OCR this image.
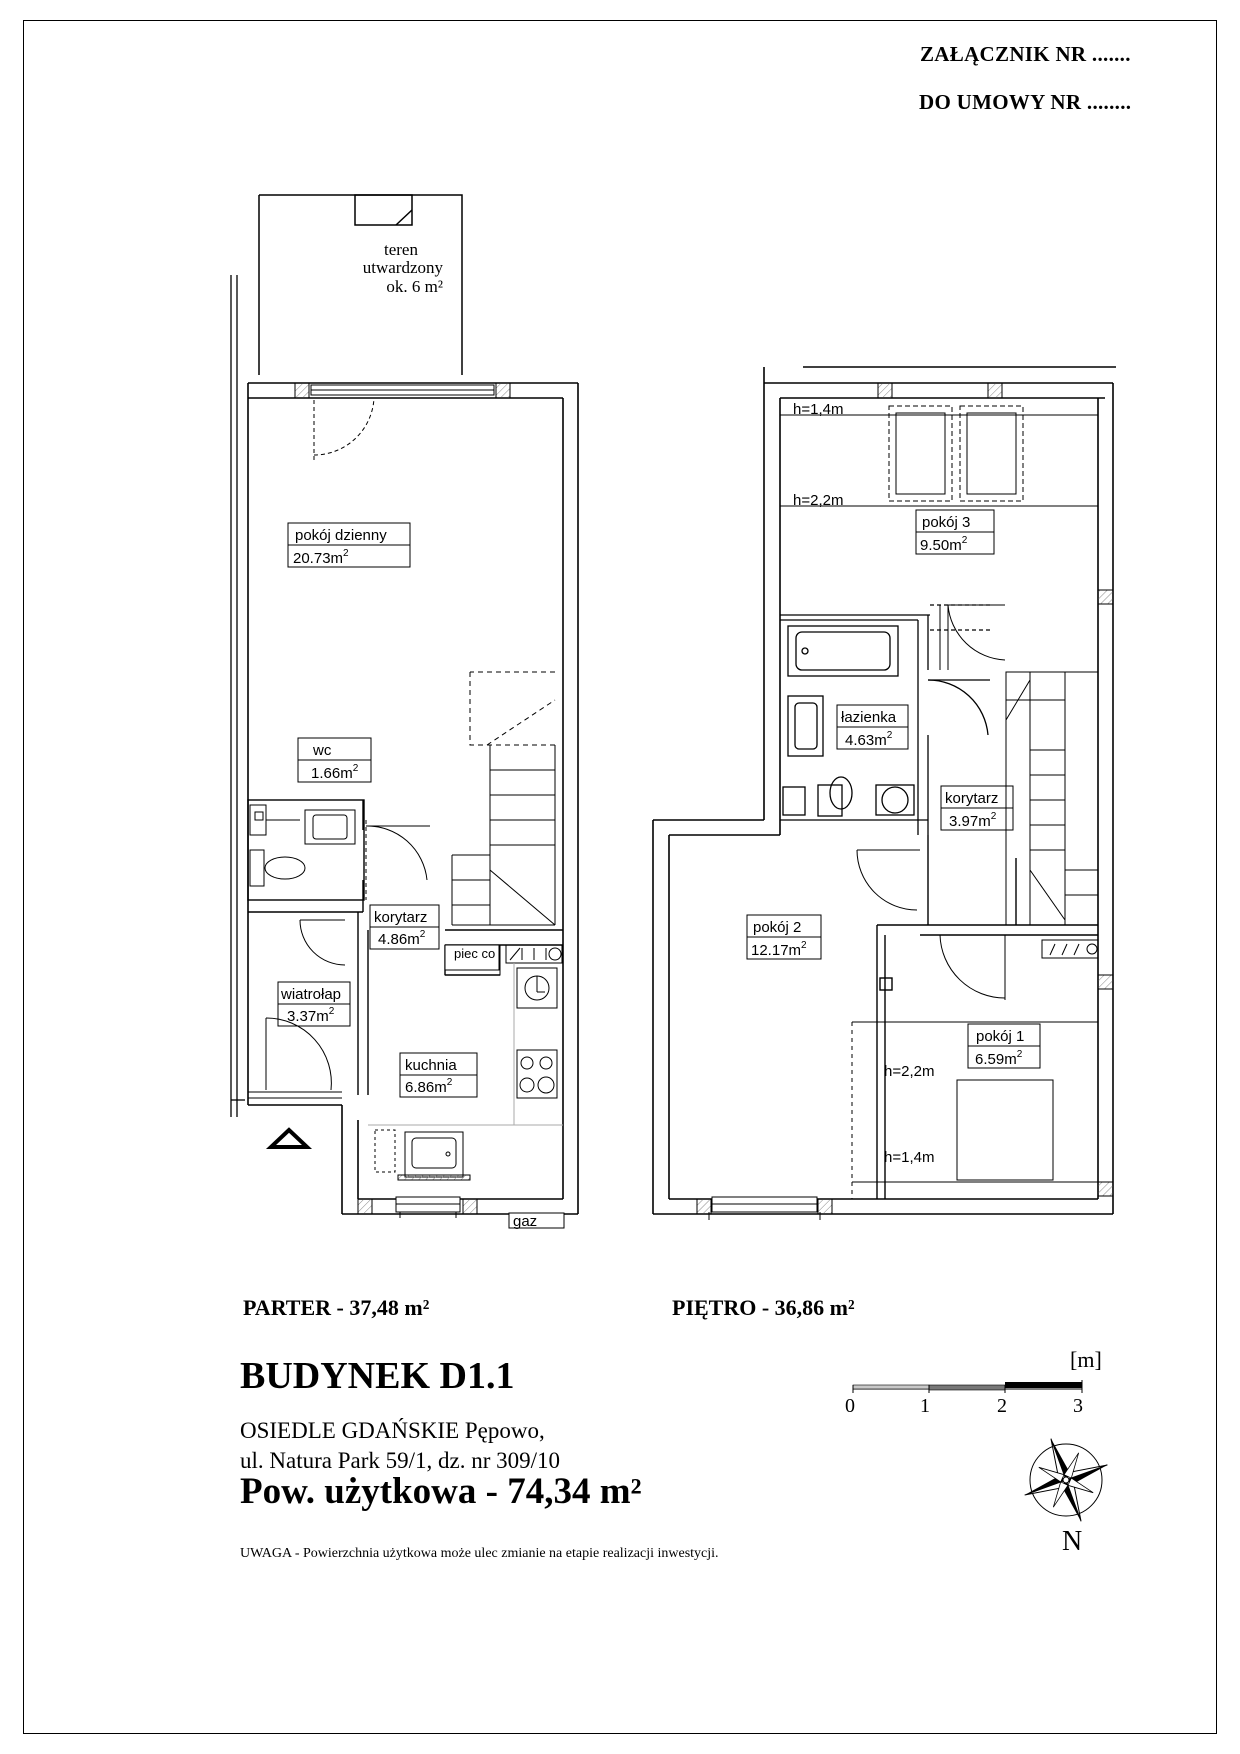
ZAŁĄCZNIK NR .......
DO UMOWY NR ........
pokój dzienny
$20.73m^2$
wc
$1.66m^2$
korytarz
$4.86m^2$
wiatrołap
$3.37m^2$
kuchnia
$6.86m^2$
teren
utwardzony
ok. 6 m²
piec co
gaz
h=1,4m
h=2,2m
h=2,2m
h=1,4m
pokój 3
$9.50m^2$
łazienka
$4.63m^2$
korytarz
$3.97m^2$
pokój 2
$12.17m^2$
pokój 1
$6.59m^2$
N
PARTER - 37,48 m²	PIĘTRO - 36,86 m²
[m]
0	1	2	3
BUDYNEK D1.1
OSIEDLE GDAŃSKIE Pępowo,
ul. Natura Park 59/1, dz. nr 309/10
Pow. użytkowa - 74,34 m²
UWAGA - Powierzchnia użytkowa może ulec zmianie na etapie realizacji inwestycji.
